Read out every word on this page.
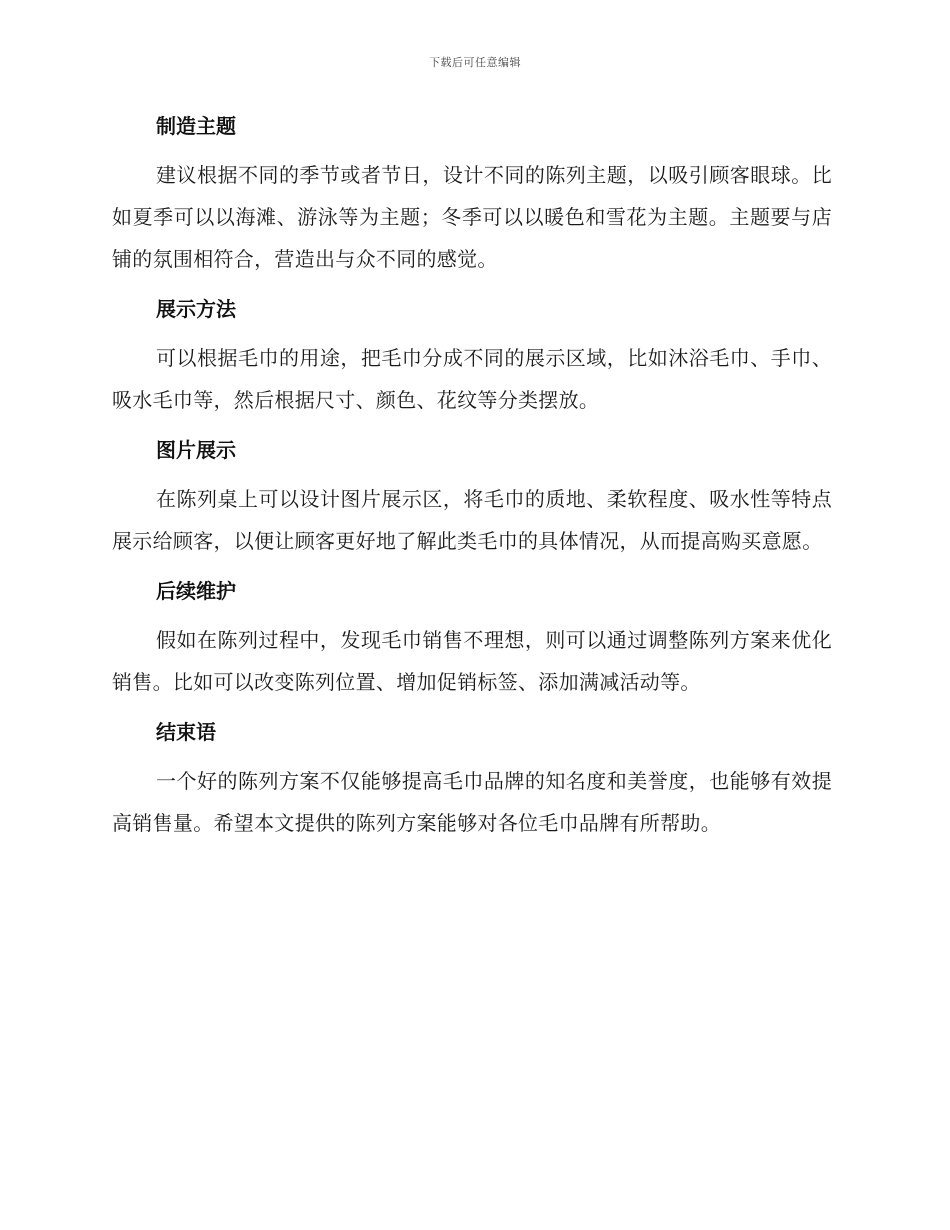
下载后可任意编辑
制造主题

建议根据不同的季节或者节日，设计不同的陈列主题，以吸引顾客眼球。比如夏季可以以海滩、游泳等为主题；冬季可以以暖色和雪花为主题。主题要与店铺的氛围相符合，营造出与众不同的感觉。

展示方法

可以根据毛巾的用途，把毛巾分成不同的展示区域，比如沐浴毛巾、手巾、吸水毛巾等，然后根据尺寸、颜色、花纹等分类摆放。

图片展示

在陈列桌上可以设计图片展示区，将毛巾的质地、柔软程度、吸水性等特点展示给顾客，以便让顾客更好地了解此类毛巾的具体情况，从而提高购买意愿。

后续维护

假如在陈列过程中，发现毛巾销售不理想，则可以通过调整陈列方案来优化销售。比如可以改变陈列位置、增加促销标签、添加满减活动等。

结束语

一个好的陈列方案不仅能够提高毛巾品牌的知名度和美誉度，也能够有效提高销售量。希望本文提供的陈列方案能够对各位毛巾品牌有所帮助。
